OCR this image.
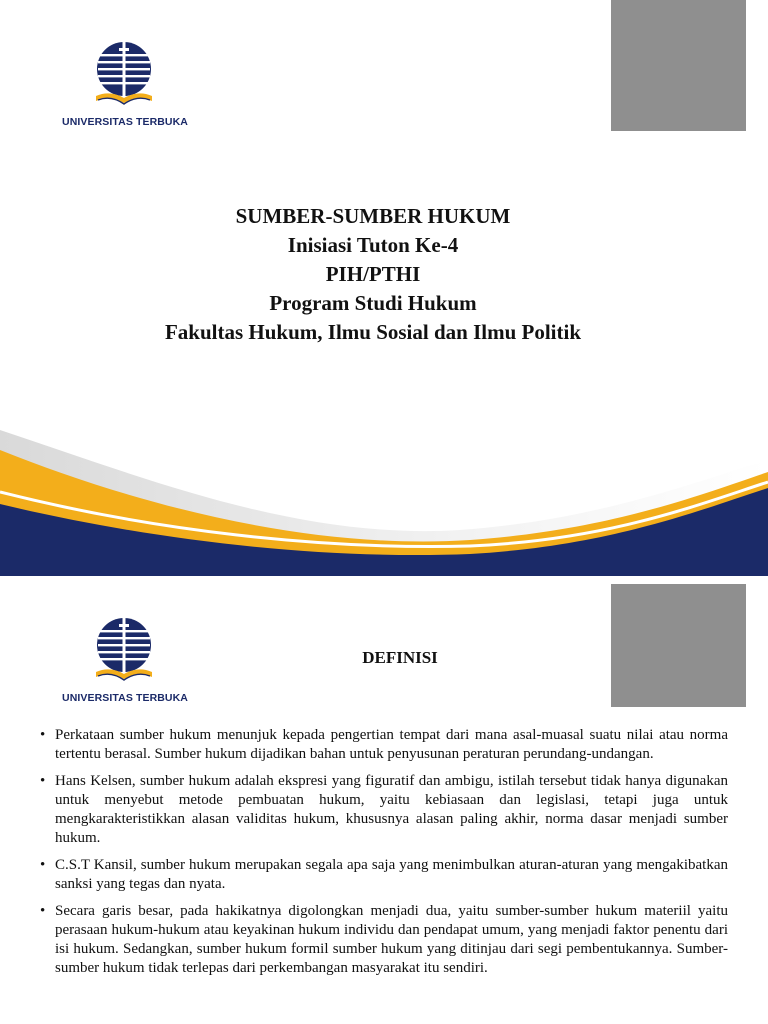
UNIVERSITAS TERBUKA
SUMBER-SUMBER HUKUM
Inisiasi Tuton Ke-4
PIH/PTHI
Program Studi Hukum
Fakultas Hukum, Ilmu Sosial dan Ilmu Politik
UNIVERSITAS TERBUKA
DEFINISI
• Perkataan sumber hukum menunjuk kepada pengertian tempat dari mana asal-muasal suatu nilai atau norma tertentu berasal. Sumber hukum dijadikan bahan untuk penyusunan peraturan perundang-undangan.
• Hans Kelsen, sumber hukum adalah ekspresi yang figuratif dan ambigu, istilah tersebut tidak hanya digunakan untuk menyebut metode pembuatan hukum, yaitu kebiasaan dan legislasi, tetapi juga untuk mengkarakteristikkan alasan validitas hukum, khususnya alasan paling akhir, norma dasar menjadi sumber hukum.
• C.S.T Kansil, sumber hukum merupakan segala apa saja yang menimbulkan aturan-aturan yang mengakibatkan sanksi yang tegas dan nyata.
• Secara garis besar, pada hakikatnya digolongkan menjadi dua, yaitu sumber-sumber hukum materiil yaitu perasaan hukum-hukum atau keyakinan hukum individu dan pendapat umum, yang menjadi faktor penentu dari isi hukum. Sedangkan, sumber hukum formil sumber hukum yang ditinjau dari segi pembentukannya. Sumber-sumber hukum tidak terlepas dari perkembangan masyarakat itu sendiri.
